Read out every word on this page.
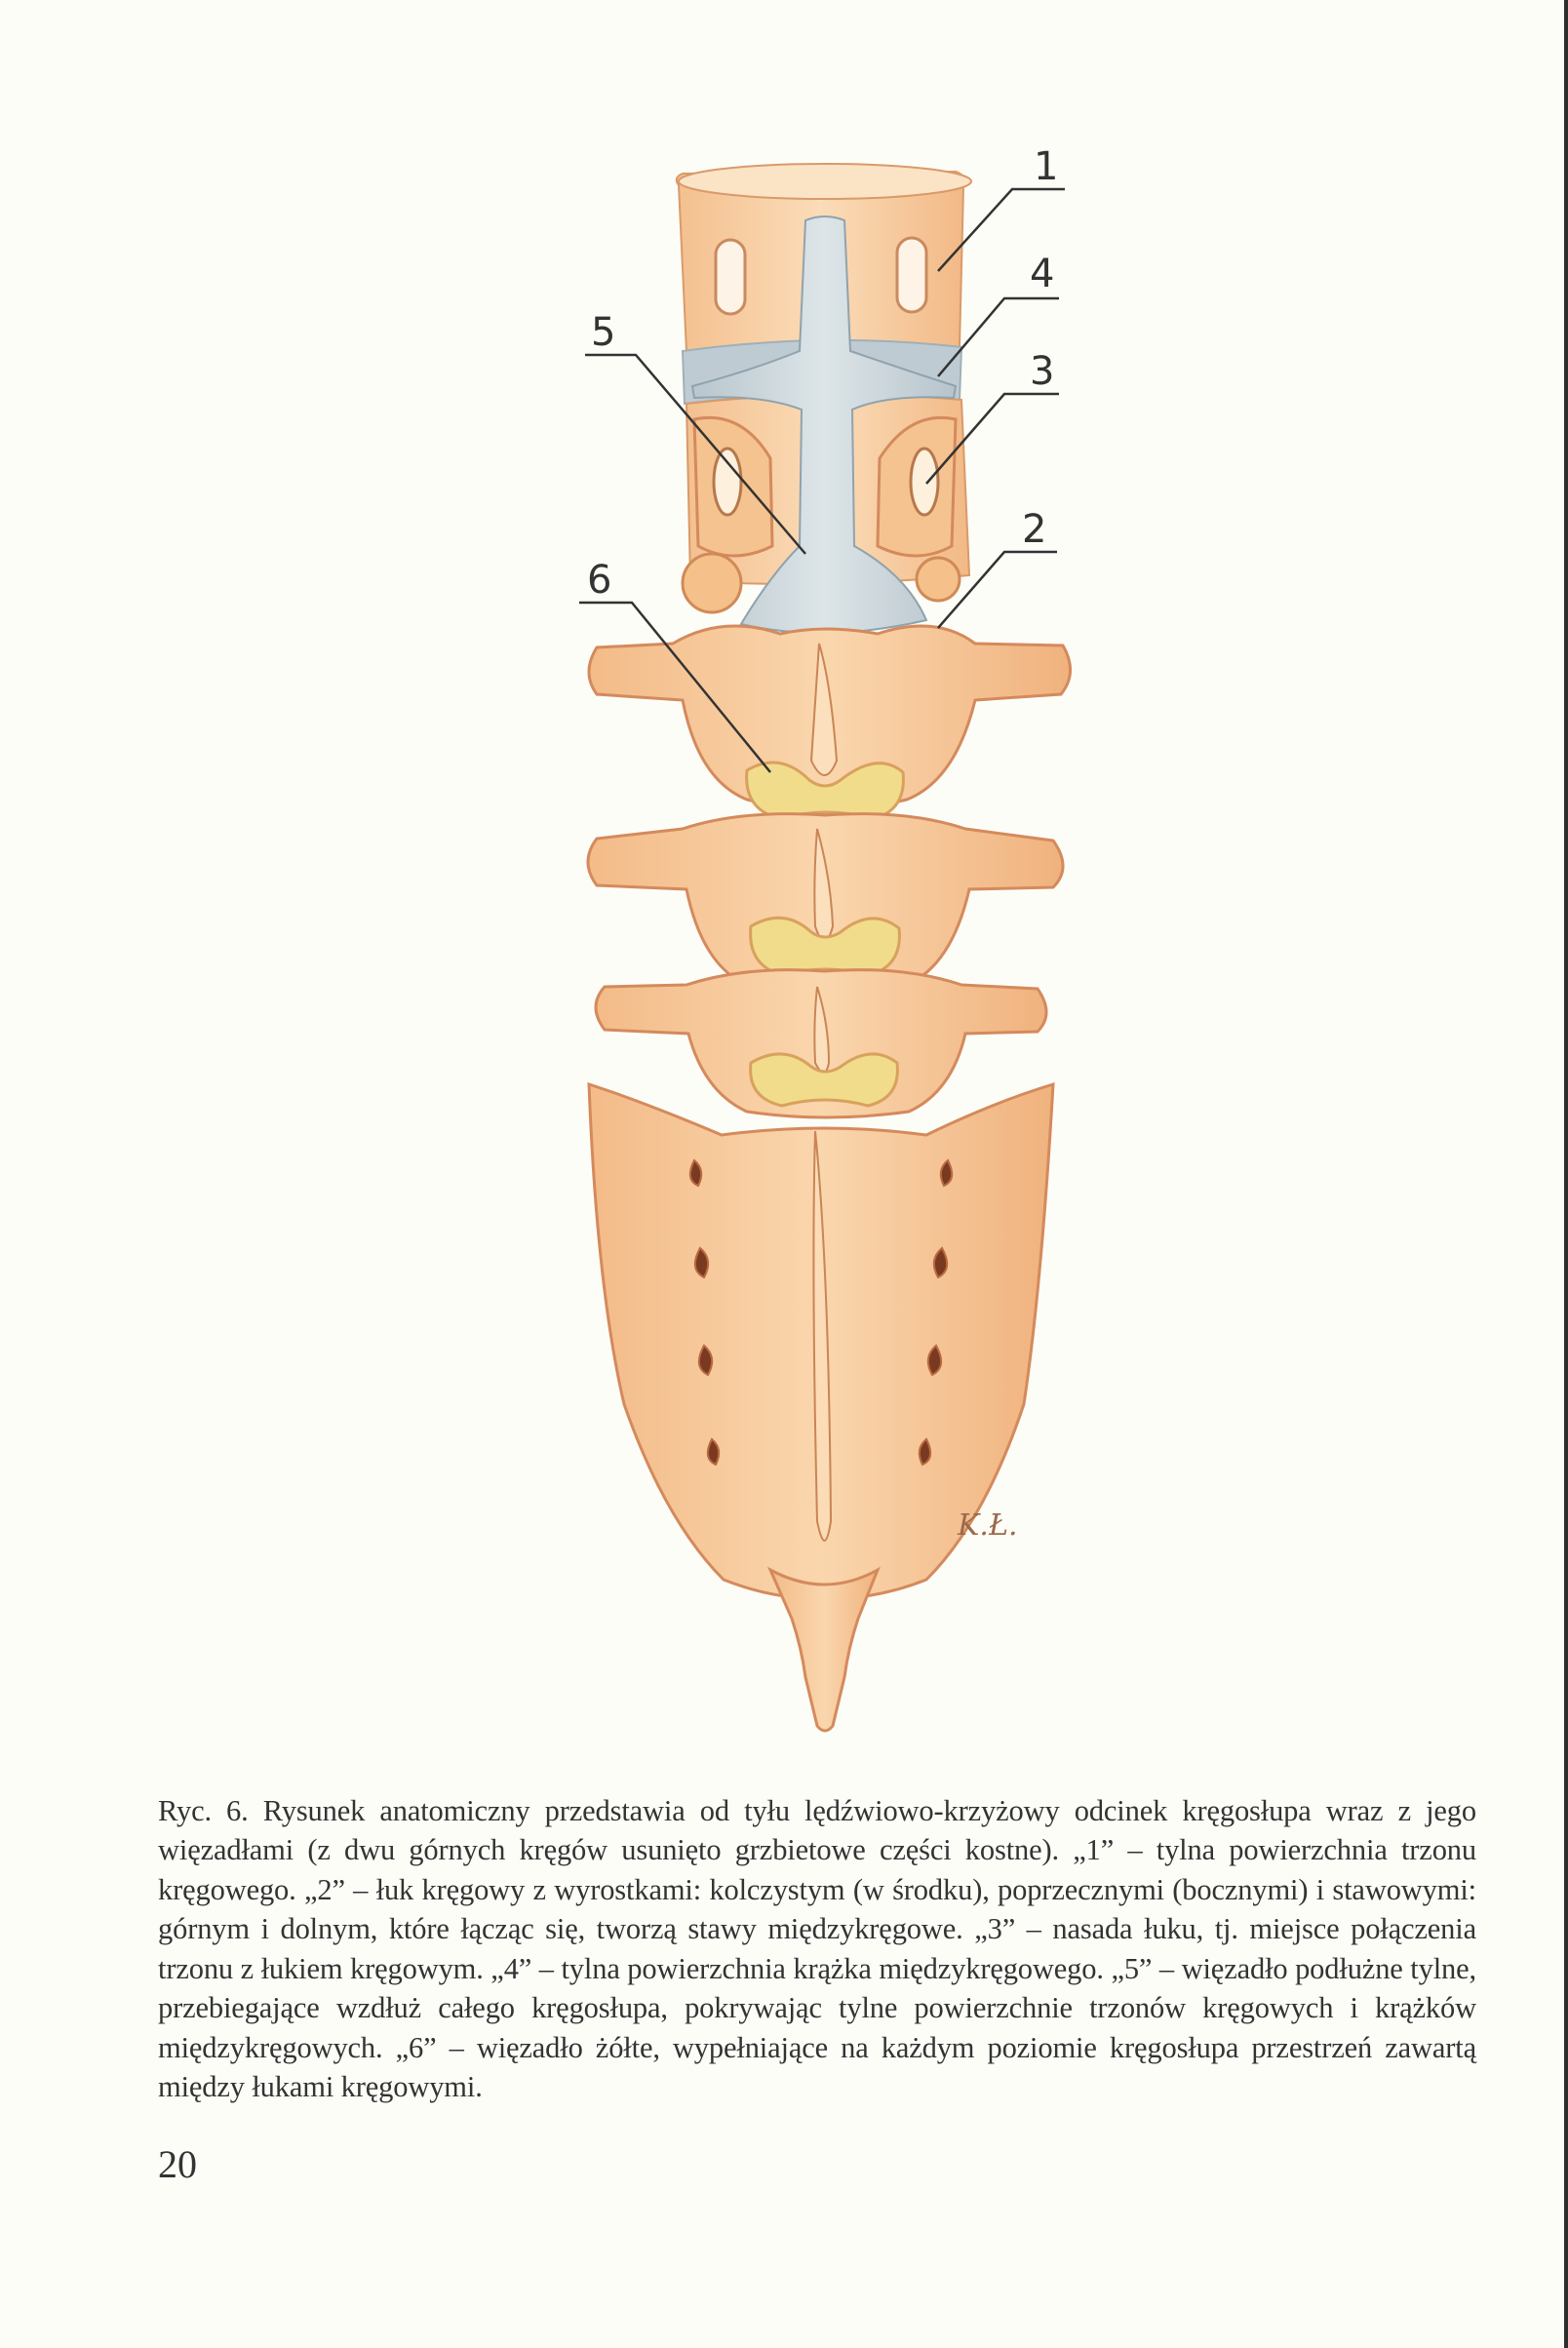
K.Ł.
1
4
3
2
5
6

Ryc. 6. Rysunek anatomiczny przedstawia od tyłu lędźwiowo-krzyżowy odcinek kręgosłupa wraz z jego więzadłami (z dwu górnych kręgów usunięto grzbietowe części kostne). „1” – tylna powierzchnia trzonu kręgowego. „2” – łuk kręgowy z wyrostkami: kolczystym (w środku), poprzecznymi (bocznymi) i stawowymi: górnym i dolnym, które łącząc się, tworzą stawy międzykręgowe. „3” – nasada łuku, tj. miejsce połączenia trzonu z łukiem kręgowym. „4” – tylna powierzchnia krążka międzykręgowego. „5” – więzadło podłużne tylne, przebiegające wzdłuż całego kręgosłupa, pokrywając tylne powierzchnie trzonów kręgowych i krążków międzykręgowych. „6” – więzadło żółte, wypełniające na każdym poziomie kręgosłupa przestrzeń zawartą między łukami kręgowymi.

20
